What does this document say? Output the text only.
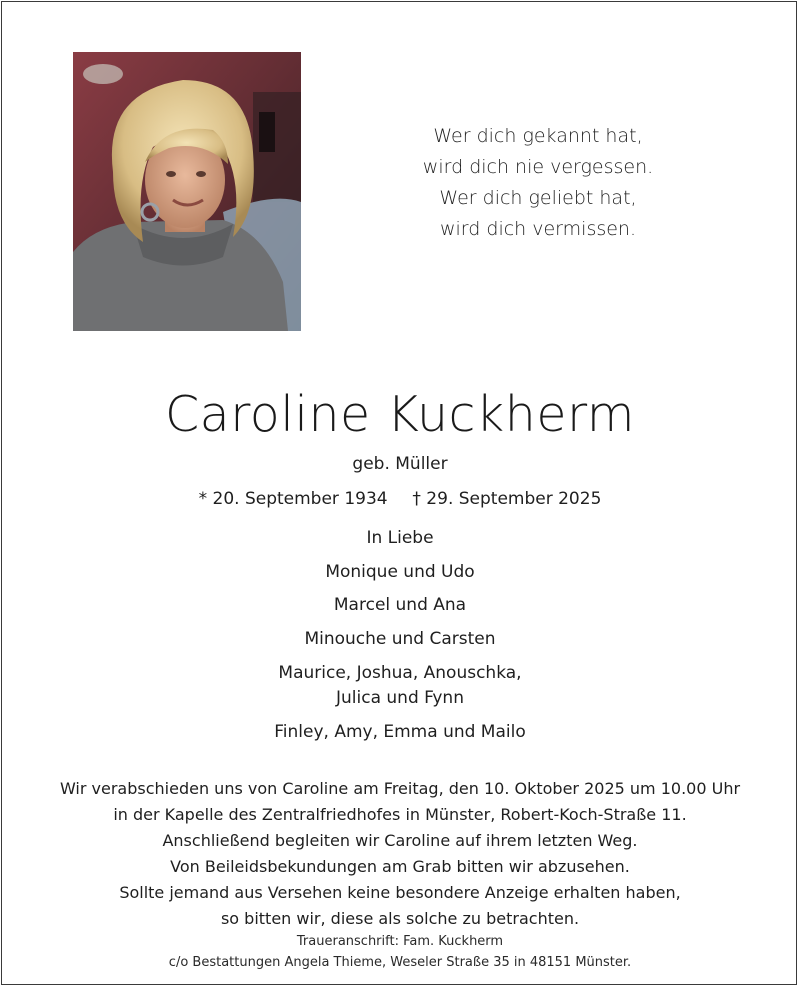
Wer dich gekannt hat,
wird dich nie vergessen.
Wer dich geliebt hat,
wird dich vermissen.
Caroline Kuckherm
geb. Müller
* 20. September 1934 † 29. September 2025
In Liebe
Monique und Udo
Marcel und Ana
Minouche und Carsten
Maurice, Joshua, Anouschka,
Julica und Fynn
Finley, Amy, Emma und Mailo
Wir verabschieden uns von Caroline am Freitag, den 10. Oktober 2025 um 10.00 Uhr
in der Kapelle des Zentralfriedhofes in Münster, Robert-Koch-Straße 11.
Anschließend begleiten wir Caroline auf ihrem letzten Weg.
Von Beileidsbekundungen am Grab bitten wir abzusehen.
Sollte jemand aus Versehen keine besondere Anzeige erhalten haben,
so bitten wir, diese als solche zu betrachten.
Traueranschrift: Fam. Kuckherm
c/o Bestattungen Angela Thieme, Weseler Straße 35 in 48151 Münster.
